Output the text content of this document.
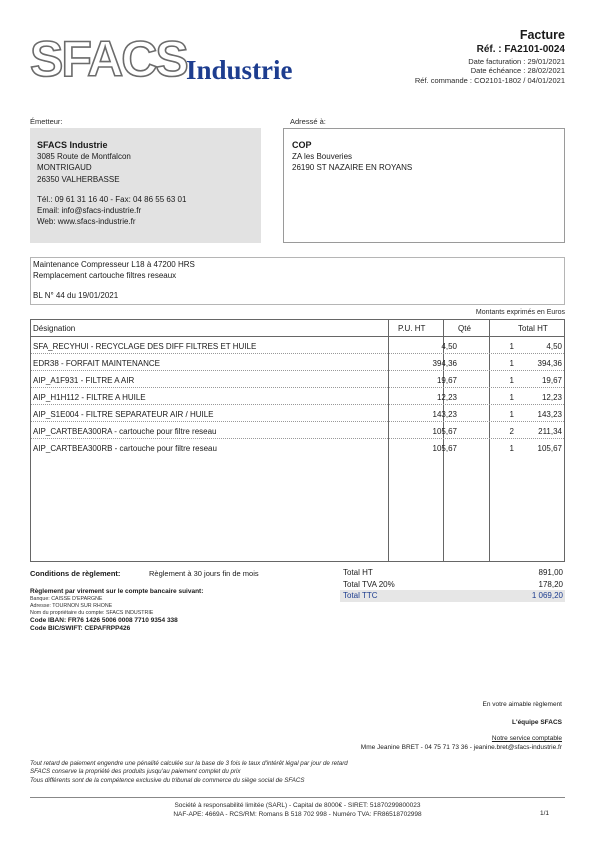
SFACS Industrie
Facture
Réf. : FA2101-0024
Date facturation : 29/01/2021
Date échéance : 28/02/2021
Réf. commande : CO2101-1802 / 04/01/2021
Émetteur:
SFACS Industrie
3085 Route de Montfalcon
MONTRIGAUD
26350 VALHERBASSE
Tél.: 09 61 31 16 40 - Fax: 04 86 55 63 01
Email: info@sfacs-industrie.fr
Web: www.sfacs-industrie.fr
Adressé à:
COP
ZA les Bouveries
26190 ST NAZAIRE EN ROYANS
Maintenance Compresseur L18 à 47200 HRS
Remplacement cartouche filtres reseaux
BL N° 44 du 19/01/2021
Montants exprimés en Euros
Désignation	P.U. HT	Qté	Total HT
SFA_RECYHUI - RECYCLAGE DES DIFF FILTRES ET HUILE	4,50	1	4,50
EDR38 - FORFAIT MAINTENANCE	394,36	1	394,36
AIP_A1F931 - FILTRE A AIR	19,67	1	19,67
AIP_H1H112 - FILTRE A HUILE	12,23	1	12,23
AIP_S1E004 - FILTRE SEPARATEUR AIR / HUILE	143,23	1	143,23
AIP_CARTBEA300RA - cartouche pour filtre reseau	105,67	2	211,34
AIP_CARTBEA300RB - cartouche pour filtre reseau	105,67	1	105,67
Conditions de règlement:	Règlement à 30 jours fin de mois
Règlement par virement sur le compte bancaire suivant:
Banque: CAISSE D'EPARGNE
Adresse: TOURNON SUR RHONE
Nom du propriétaire du compte: SFACS INDUSTRIE
Code IBAN: FR76 1426 5006 0008 7710 9354 338
Code BIC/SWIFT: CEPAFRPP426
Total HT	891,00
Total TVA 20%	178,20
Total TTC	1 069,20
En votre aimable règlement
L'équipe SFACS
Notre service comptable
Mme Jeanine BRET - 04 75 71 73 36 - jeanine.bret@sfacs-industrie.fr
Tout retard de paiement engendre une pénalité calculée sur la base de 3 fois le taux d'intérêt légal par jour de retard
SFACS conserve la propriété des produits jusqu'au paiement complet du prix
Tous différents sont de la compétence exclusive du tribunal de commerce du siège social de SFACS
Société à responsabilité limitée (SARL) - Capital de 8000€ - SIRET: 51870299800023
NAF-APE: 4669A - RCS/RM: Romans B 518 702 998 - Numéro TVA: FR86518702998	1/1
